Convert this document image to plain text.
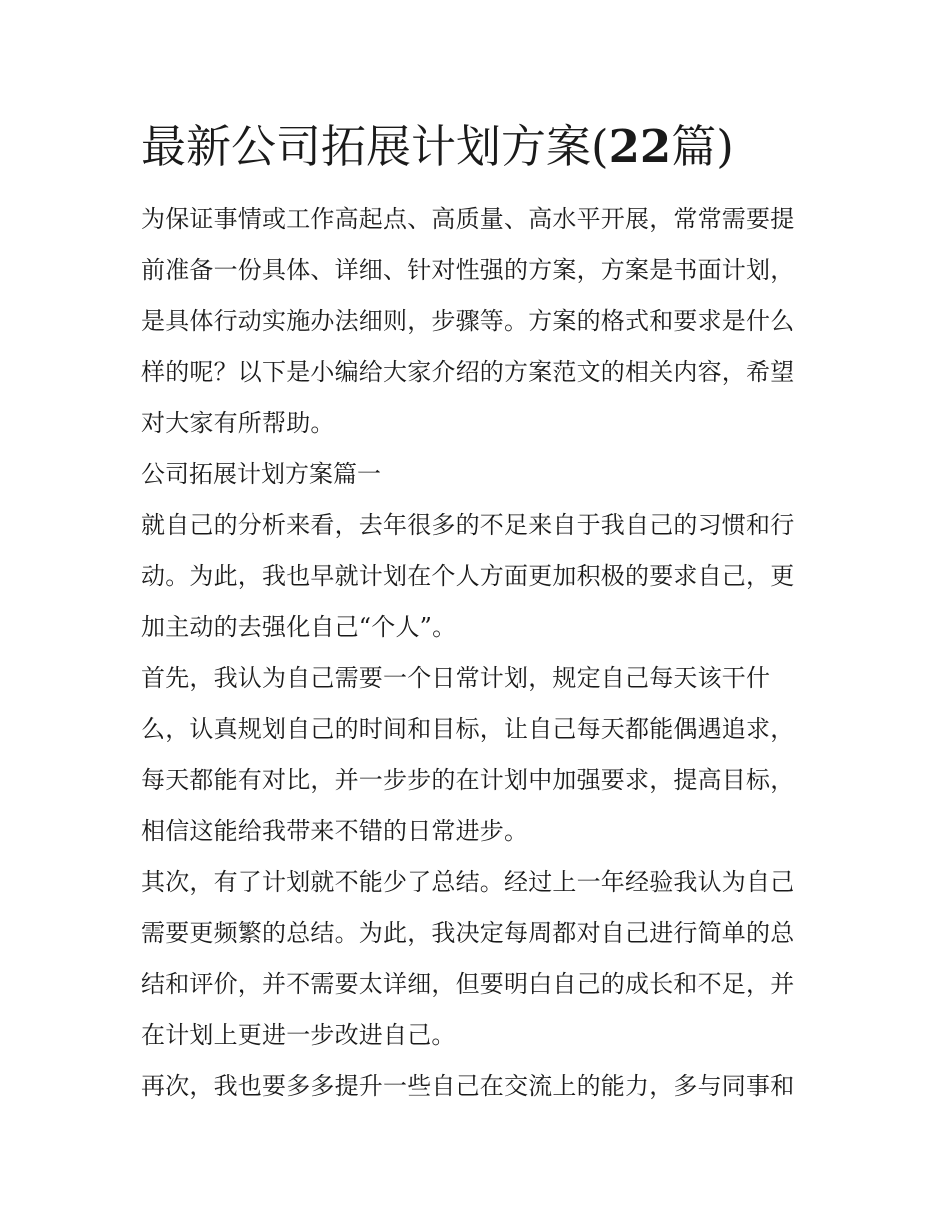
最新公司拓展计划方案(22篇)
为保证事情或工作高起点、高质量、高水平开展，常常需要提
前准备一份具体、详细、针对性强的方案，方案是书面计划，
是具体行动实施办法细则，步骤等。方案的格式和要求是什么
样的呢？以下是小编给大家介绍的方案范文的相关内容，希望
对大家有所帮助。
公司拓展计划方案篇一
就自己的分析来看，去年很多的不足来自于我自己的习惯和行
动。为此，我也早就计划在个人方面更加积极的要求自己，更
加主动的去强化自己“个人”。
首先，我认为自己需要一个日常计划，规定自己每天该干什
么，认真规划自己的时间和目标，让自己每天都能偶遇追求，
每天都能有对比，并一步步的在计划中加强要求，提高目标，
相信这能给我带来不错的日常进步。
其次，有了计划就不能少了总结。经过上一年经验我认为自己
需要更频繁的总结。为此，我决定每周都对自己进行简单的总
结和评价，并不需要太详细，但要明白自己的成长和不足，并
在计划上更进一步改进自己。
再次，我也要多多提升一些自己在交流上的能力，多与同事和
